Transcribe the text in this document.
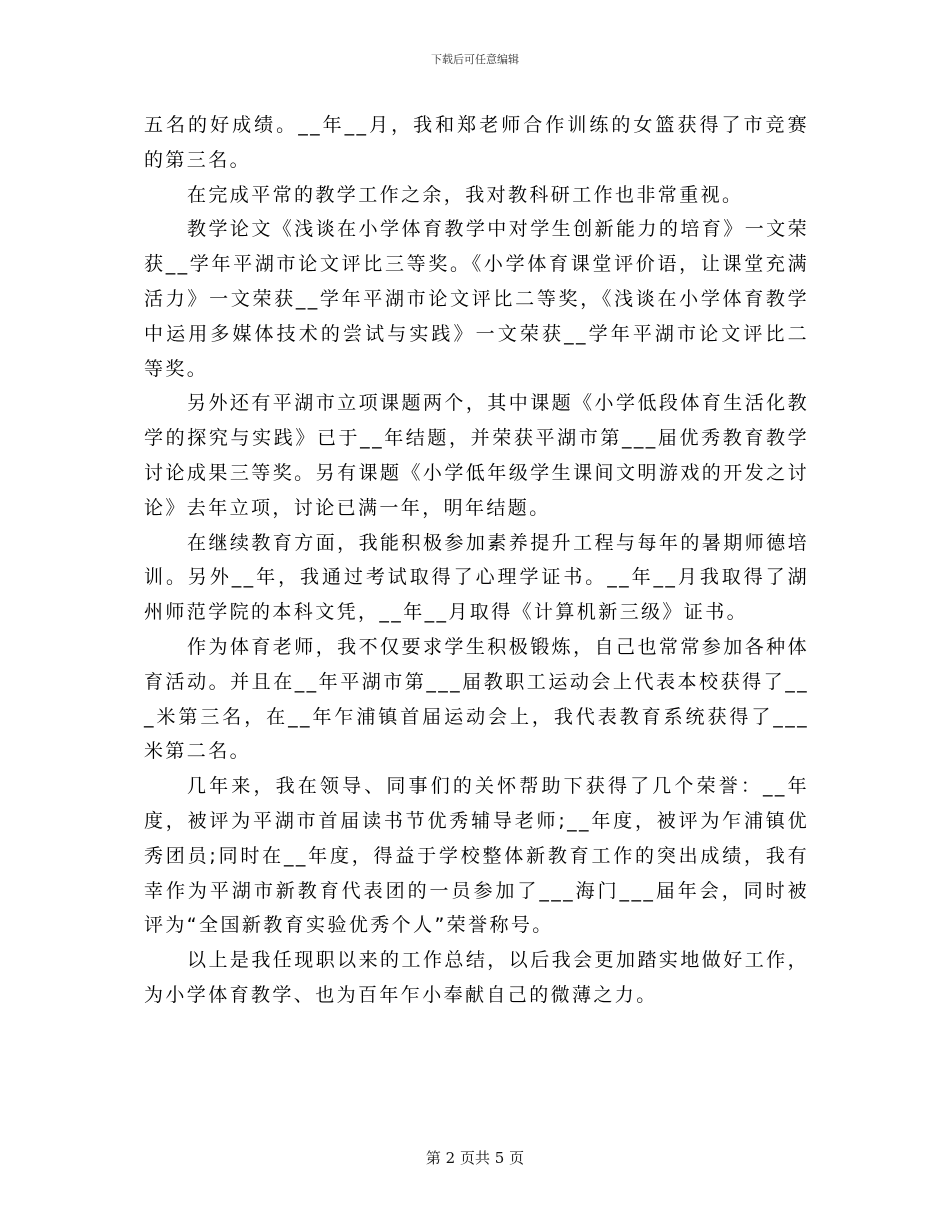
下载后可任意编辑

五名的好成绩。__年__月，我和郑老师合作训练的女篮获得了市竞赛的第三名。

在完成平常的教学工作之余，我对教科研工作也非常重视。

教学论文《浅谈在小学体育教学中对学生创新能力的培育》一文荣获__学年平湖市论文评比三等奖。《小学体育课堂评价语，让课堂充满活力》一文荣获__学年平湖市论文评比二等奖，《浅谈在小学体育教学中运用多媒体技术的尝试与实践》一文荣获__学年平湖市论文评比二等奖。

另外还有平湖市立项课题两个，其中课题《小学低段体育生活化教学的探究与实践》已于__年结题，并荣获平湖市第___届优秀教育教学讨论成果三等奖。另有课题《小学低年级学生课间文明游戏的开发之讨论》去年立项，讨论已满一年，明年结题。

在继续教育方面，我能积极参加素养提升工程与每年的暑期师德培训。另外__年，我通过考试取得了心理学证书。__年__月我取得了湖州师范学院的本科文凭，__年__月取得《计算机新三级》证书。

作为体育老师，我不仅要求学生积极锻炼，自己也常常参加各种体育活动。并且在__年平湖市第___届教职工运动会上代表本校获得了___米第三名，在__年乍浦镇首届运动会上，我代表教育系统获得了___米第二名。

几年来，我在领导、同事们的关怀帮助下获得了几个荣誉：__年度，被评为平湖市首届读书节优秀辅导老师;__年度，被评为乍浦镇优秀团员;同时在__年度，得益于学校整体新教育工作的突出成绩，我有幸作为平湖市新教育代表团的一员参加了___海门___届年会，同时被评为“全国新教育实验优秀个人”荣誉称号。

以上是我任现职以来的工作总结，以后我会更加踏实地做好工作，为小学体育教学、也为百年乍小奉献自己的微薄之力。

第 2 页共 5 页
